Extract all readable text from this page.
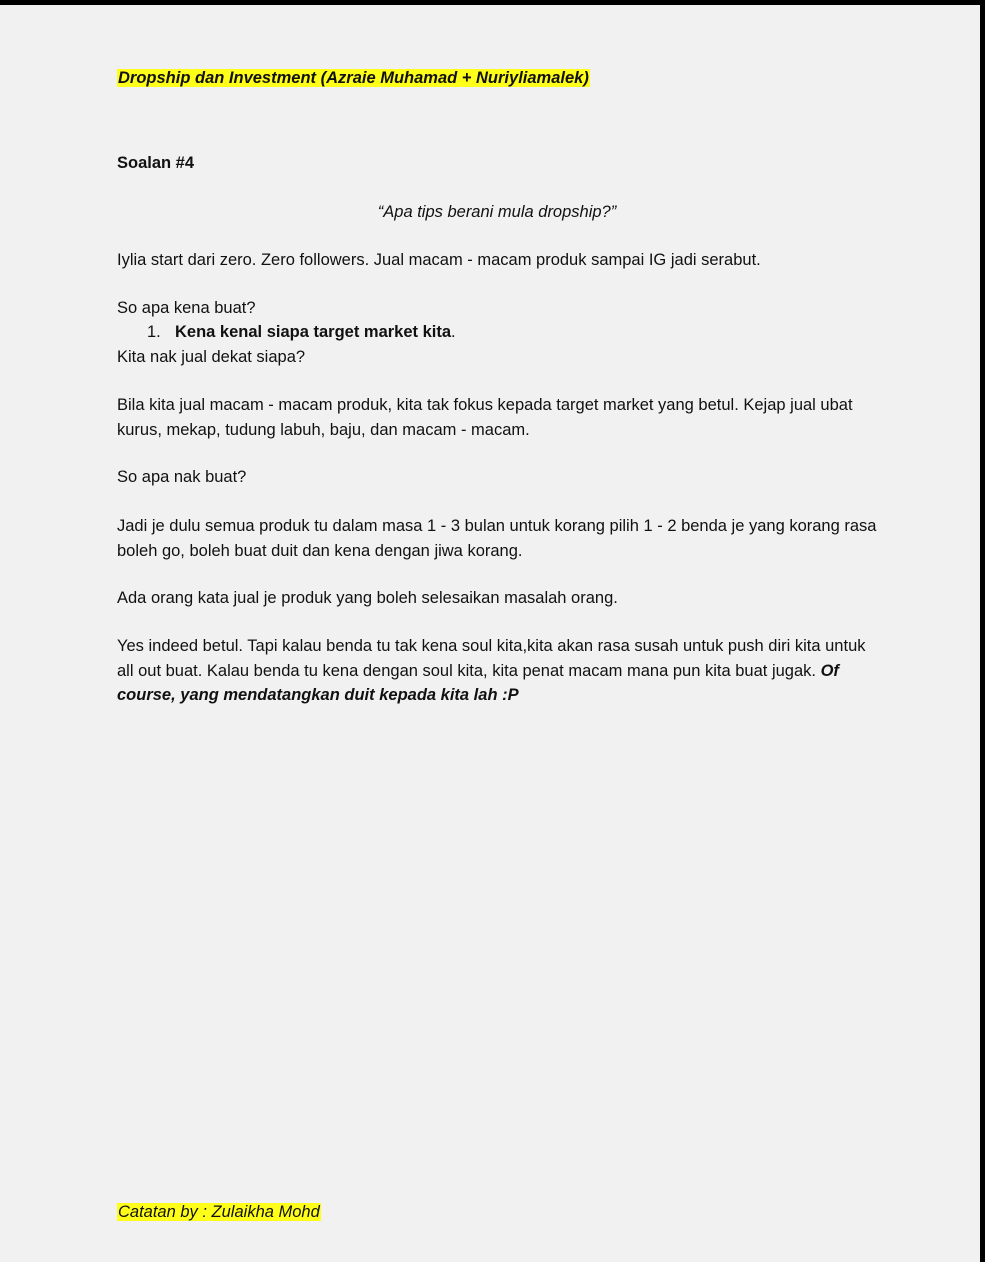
Dropship dan Investment (Azraie Muhamad + Nuriyliamalek)
Soalan #4
“Apa tips berani mula dropship?”

Iylia start dari zero. Zero followers. Jual macam - macam produk sampai IG jadi serabut.

So apa kena buat?

1. Kena kenal siapa target market kita.

Kita nak jual dekat siapa?

Bila kita jual macam - macam produk, kita tak fokus kepada target market yang betul. Kejap jual ubat kurus, mekap, tudung labuh, baju, dan macam - macam.

So apa nak buat?

Jadi je dulu semua produk tu dalam masa 1 - 3 bulan untuk korang pilih 1 - 2 benda je yang korang rasa boleh go, boleh buat duit dan kena dengan jiwa korang.

Ada orang kata jual je produk yang boleh selesaikan masalah orang.

Yes indeed betul. Tapi kalau benda tu tak kena soul kita,kita akan rasa susah untuk push diri kita untuk all out buat. Kalau benda tu kena dengan soul kita, kita penat macam mana pun kita buat jugak. Of course, yang mendatangkan duit kepada kita lah :P

Catatan by : Zulaikha Mohd
